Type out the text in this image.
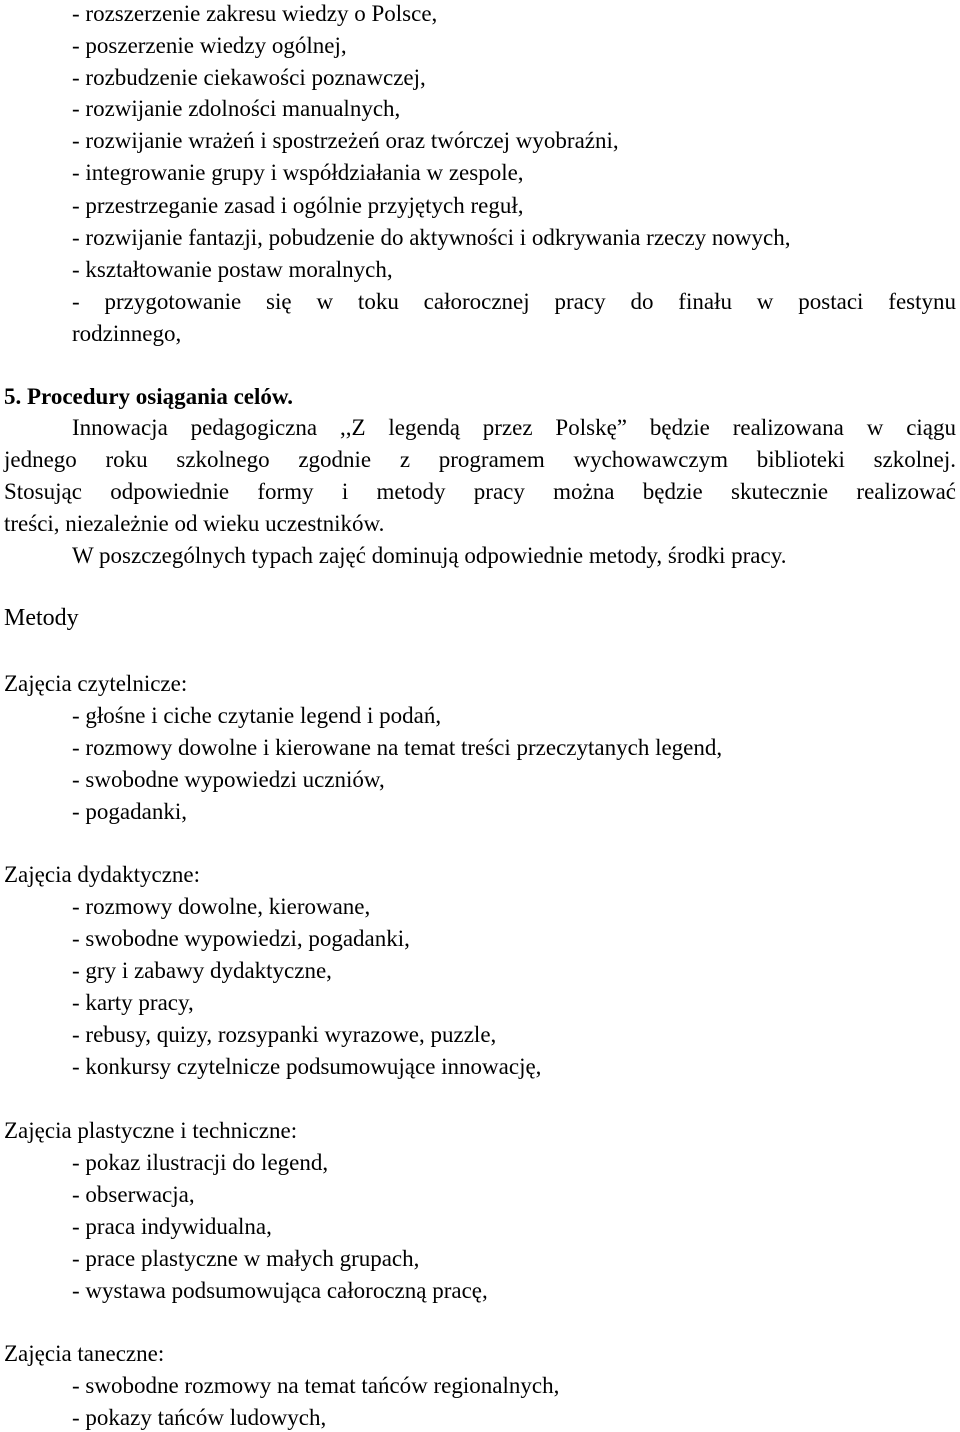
- rozszerzenie zakresu wiedzy o Polsce,
- poszerzenie wiedzy ogólnej,
- rozbudzenie ciekawości poznawczej,
- rozwijanie zdolności manualnych,
- rozwijanie wrażeń i spostrzeżeń oraz twórczej wyobraźni,
- integrowanie grupy i współdziałania w zespole,
- przestrzeganie zasad i ogólnie przyjętych reguł,
- rozwijanie fantazji, pobudzenie do aktywności i odkrywania rzeczy nowych,
- kształtowanie postaw moralnych,
- przygotowanie się w toku całorocznej pracy do finału w postaci festynu
rodzinnego,
5. Procedury osiągania celów.
Innowacja pedagogiczna ,,Z legendą przez Polskę” będzie realizowana w ciągu
jednego roku szkolnego zgodnie z programem wychowawczym biblioteki szkolnej.
Stosując odpowiednie formy i metody pracy można będzie skutecznie realizować
treści, niezależnie od wieku uczestników.
W poszczególnych typach zajęć dominują odpowiednie metody, środki pracy.
Metody
Zajęcia czytelnicze:
- głośne i ciche czytanie legend i podań,
- rozmowy dowolne i kierowane na temat treści przeczytanych legend,
- swobodne wypowiedzi uczniów,
- pogadanki,
Zajęcia dydaktyczne:
- rozmowy dowolne, kierowane,
- swobodne wypowiedzi, pogadanki,
- gry i zabawy dydaktyczne,
- karty pracy,
- rebusy, quizy, rozsypanki wyrazowe, puzzle,
- konkursy czytelnicze podsumowujące innowację,
Zajęcia plastyczne i techniczne:
- pokaz ilustracji do legend,
- obserwacja,
- praca indywidualna,
- prace plastyczne w małych grupach,
- wystawa podsumowująca całoroczną pracę,
Zajęcia taneczne:
- swobodne rozmowy na temat tańców regionalnych,
- pokazy tańców ludowych,
